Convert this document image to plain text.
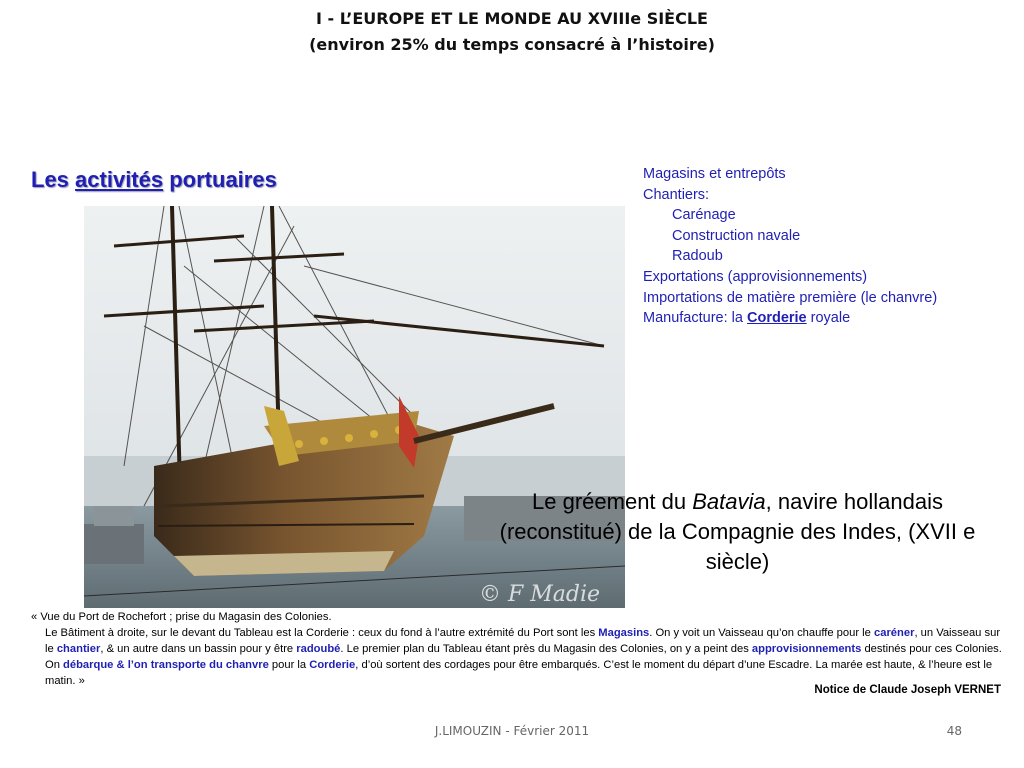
I - L’EUROPE ET LE MONDE AU XVIIIe SIÈCLE
(environ 25% du temps consacré à l’histoire)
Les activités portuaires	Magasins et entrepôts
Chantiers:
Carénage
Construction navale
Radoub
Exportations (approvisionnements)
Importations de matière première (le chanvre)
Manufacture: la Corderie royale
© F Madie
Le gréement du Batavia, navire hollandais (reconstitué) de la Compagnie des Indes, (XVII e siècle)
« Vue du Port de Rochefort ; prise du Magasin des Colonies.
Le Bâtiment à droite, sur le devant du Tableau est la Corderie : ceux du fond à l’autre extrémité du Port sont les Magasins. On y voit un Vaisseau qu’on chauffe pour le caréner, un Vaisseau sur le chantier, & un autre dans un bassin pour y être radoubé. Le premier plan du Tableau étant près du Magasin des Colonies, on y a peint des approvisionnements destinés pour ces Colonies. On débarque & l’on transporte du chanvre pour la Corderie, d’où sortent des cordages pour être embarqués. C’est le moment du départ d’une Escadre. La marée est haute, & l’heure est le matin. »
Notice de Claude Joseph VERNET
J.LIMOUZIN - Février 2011	48
